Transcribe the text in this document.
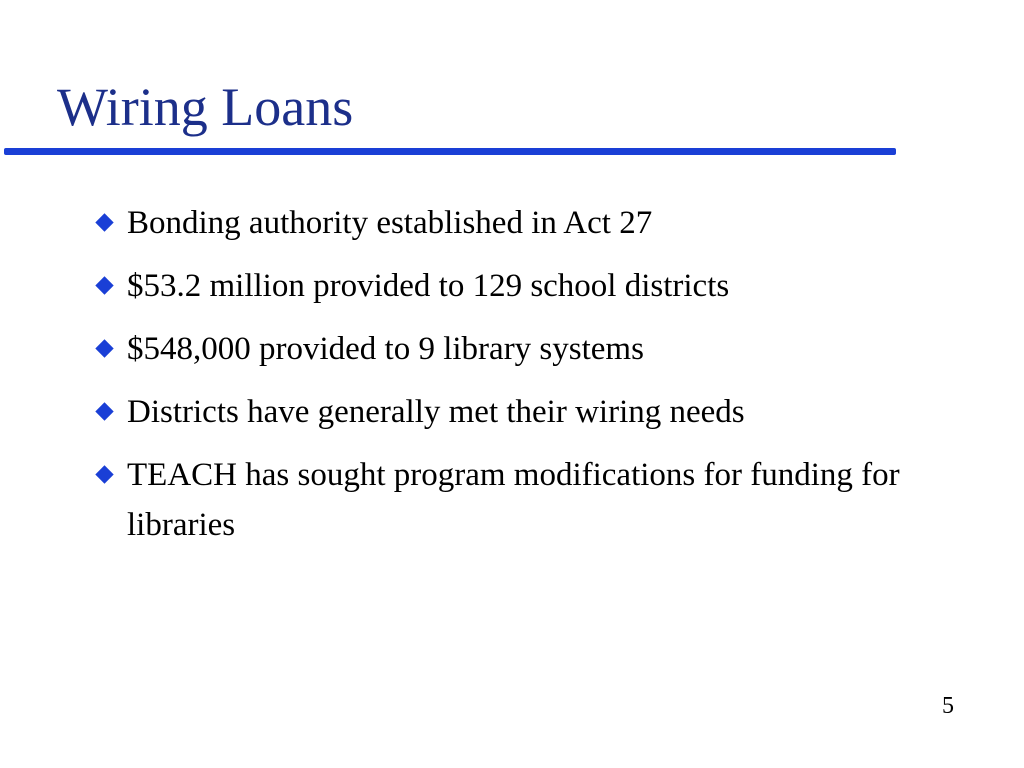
Wiring Loans
Bonding authority established in Act 27
$53.2 million provided to 129 school districts
$548,000 provided to 9 library systems
Districts have generally met their wiring needs
TEACH has sought program modifications for funding for libraries
5
